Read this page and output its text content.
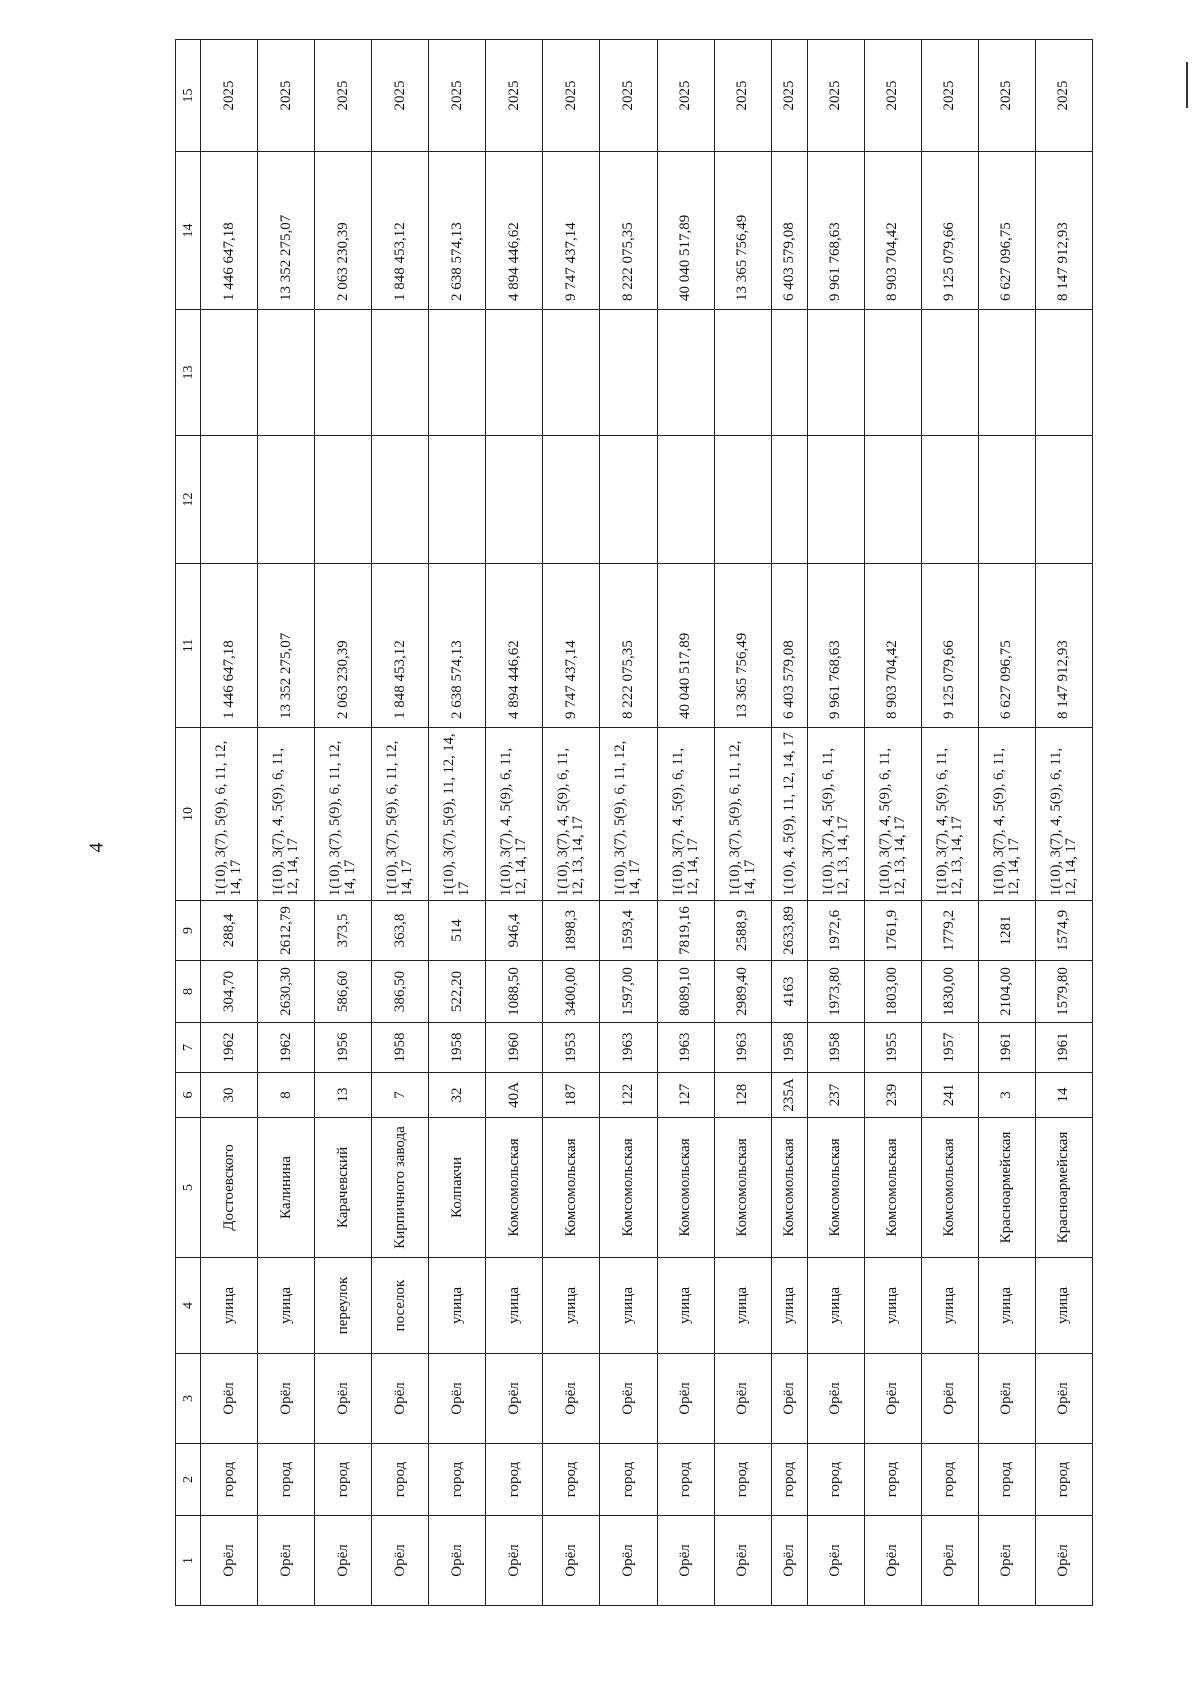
4
1	2	3	4	5	6	7	8	9	10	11	12	13	14	15
Орёл	город	Орёл	улица	Достоевского	30	1962	304,70	288,4	1(10), 3(7), 5(9), 6, 11, 12, 14, 17	1 446 647,18			1 446 647,18	2025
Орёл	город	Орёл	улица	Калинина	8	1962	2630,30	2612,79	1(10), 3(7), 4, 5(9), 6, 11, 12, 14, 17	13 352 275,07			13 352 275,07	2025
Орёл	город	Орёл	переулок	Карачевский	13	1956	586,60	373,5	1(10), 3(7), 5(9), 6, 11, 12, 14, 17	2 063 230,39			2 063 230,39	2025
Орёл	город	Орёл	поселок	Кирпичного завода	7	1958	386,50	363,8	1(10), 3(7), 5(9), 6, 11, 12, 14, 17	1 848 453,12			1 848 453,12	2025
Орёл	город	Орёл	улица	Колпакчи	32	1958	522,20	514	1(10), 3(7), 5(9), 11, 12, 14, 17	2 638 574,13			2 638 574,13	2025
Орёл	город	Орёл	улица	Комсомольская	40А	1960	1088,50	946,4	1(10), 3(7), 4, 5(9), 6, 11, 12, 14, 17	4 894 446,62			4 894 446,62	2025
Орёл	город	Орёл	улица	Комсомольская	187	1953	3400,00	1898,3	1(10), 3(7), 4, 5(9), 6, 11, 12, 13, 14, 17	9 747 437,14			9 747 437,14	2025
Орёл	город	Орёл	улица	Комсомольская	122	1963	1597,00	1593,4	1(10), 3(7), 5(9), 6, 11, 12, 14, 17	8 222 075,35			8 222 075,35	2025
Орёл	город	Орёл	улица	Комсомольская	127	1963	8089,10	7819,16	1(10), 3(7), 4, 5(9), 6, 11, 12, 14, 17	40 040 517,89			40 040 517,89	2025
Орёл	город	Орёл	улица	Комсомольская	128	1963	2989,40	2588,9	1(10), 3(7), 5(9), 6, 11, 12, 14, 17	13 365 756,49			13 365 756,49	2025
Орёл	город	Орёл	улица	Комсомольская	235А	1958	4163	2633,89	1(10), 4, 5(9), 11, 12, 14, 17	6 403 579,08			6 403 579,08	2025
Орёл	город	Орёл	улица	Комсомольская	237	1958	1973,80	1972,6	1(10), 3(7), 4, 5(9), 6, 11, 12, 13, 14, 17	9 961 768,63			9 961 768,63	2025
Орёл	город	Орёл	улица	Комсомольская	239	1955	1803,00	1761,9	1(10), 3(7), 4, 5(9), 6, 11, 12, 13, 14, 17	8 903 704,42			8 903 704,42	2025
Орёл	город	Орёл	улица	Комсомольская	241	1957	1830,00	1779,2	1(10), 3(7), 4, 5(9), 6, 11, 12, 13, 14, 17	9 125 079,66			9 125 079,66	2025
Орёл	город	Орёл	улица	Красноармейская	3	1961	2104,00	1281	1(10), 3(7), 4, 5(9), 6, 11, 12, 14, 17	6 627 096,75			6 627 096,75	2025
Орёл	город	Орёл	улица	Красноармейская	14	1961	1579,80	1574,9	1(10), 3(7), 4, 5(9), 6, 11, 12, 14, 17	8 147 912,93			8 147 912,93	2025
